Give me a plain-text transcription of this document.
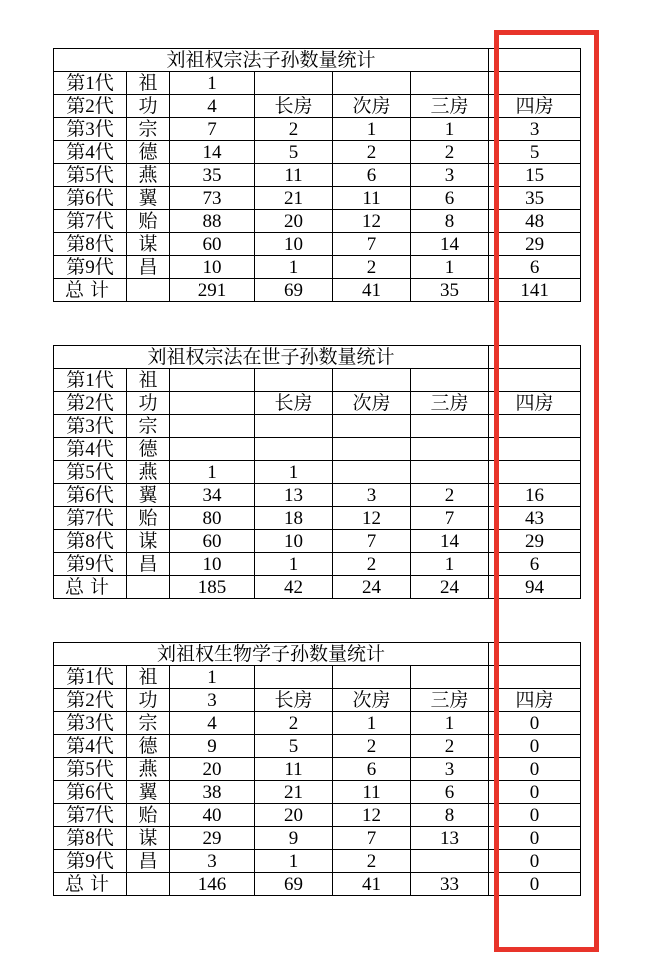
刘祖权宗法子孙数量统计						
第1代	祖	1				
第2代	功	4	长房	次房	三房	四房
第3代	宗	7	2	1	1	3
第4代	德	14	5	2	2	5
第5代	燕	35	11	6	3	15
第6代	翼	73	21	11	6	35
第7代	贻	88	20	12	8	48
第8代	谋	60	10	7	14	29
第9代	昌	10	1	2	1	6
总计		291	69	41	35	141
刘祖权宗法在世子孙数量统计						
第1代	祖					
第2代	功		长房	次房	三房	四房
第3代	宗					
第4代	德					
第5代	燕	1	1			
第6代	翼	34	13	3	2	16
第7代	贻	80	18	12	7	43
第8代	谋	60	10	7	14	29
第9代	昌	10	1	2	1	6
总计		185	42	24	24	94
刘祖权生物学子孙数量统计						
第1代	祖	1				
第2代	功	3	长房	次房	三房	四房
第3代	宗	4	2	1	1	0
第4代	德	9	5	2	2	0
第5代	燕	20	11	6	3	0
第6代	翼	38	21	11	6	0
第7代	贻	40	20	12	8	0
第8代	谋	29	9	7	13	0
第9代	昌	3	1	2		0
总计		146	69	41	33	0
